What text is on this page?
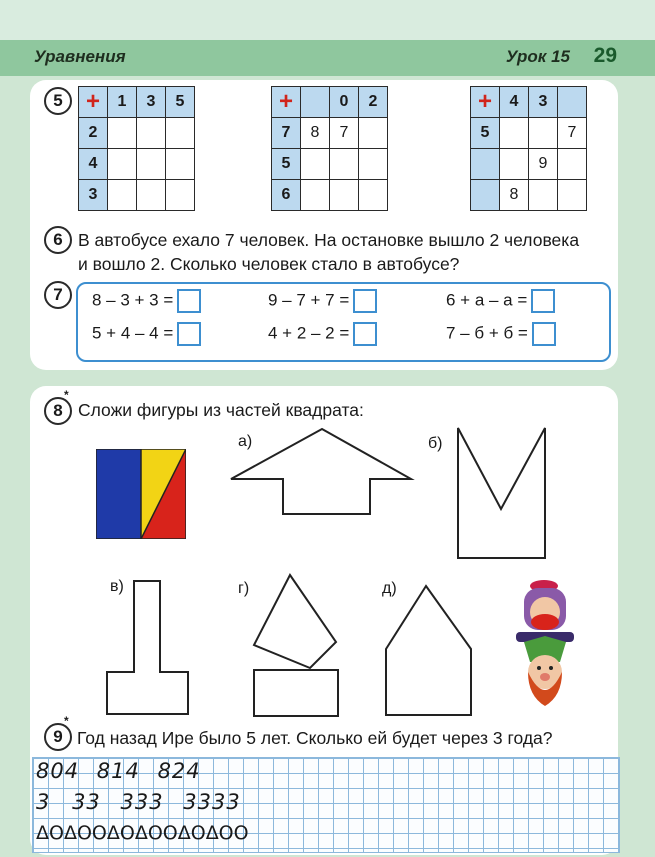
Уравнения	Урок 15 29
5 +	1	3	5
2			
4			
3			
+		0	2
7	8	7	
5			
6			
+	4	3	
5			7
		9	
	8		
6 В автобусе ехало 7 человек. На остановке вышло 2 человека
и вошло 2. Сколько человек стало в автобусе?
7	8 – 3 + 3 =	9 – 7 + 7 =	6 + а – а =
5 + 4 – 4 =	4 + 2 – 2 =	7 – б + б =
8
*
Сложи фигуры из частей квадрата:
а)	б)
в)	г)	д)
9
*
Год назад Ире было 5 лет. Сколько ей будет через 3 года?
804 814 824
3 33 333 3333
ΔΟΔΟΟΔΟΔΟΟΔΟΔΟΟ
